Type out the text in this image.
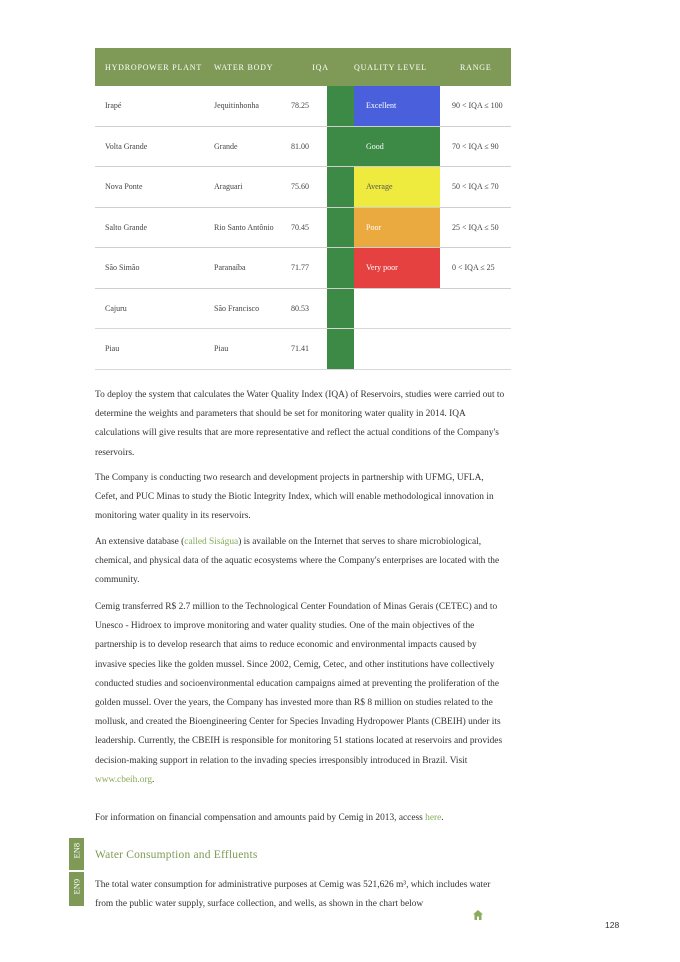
HYDROPOWER PLANT	WATER BODY	IQA	QUALITY LEVEL	RANGE
Irapé	Jequitinhonha	78.25	Excellent	90 < IQA ≤ 100
Volta Grande	Grande	81.00	Good	70 < IQA ≤ 90
Nova Ponte	Araguari	75.60	Average	50 < IQA ≤ 70
Salto Grande	Rio Santo Antônio	70.45	Poor	25 < IQA ≤ 50
São Simão	Paranaíba	71.77	Very poor	0 < IQA ≤ 25
Cajuru	São Francisco	80.53
Piau	Piau	71.41

To deploy the system that calculates the Water Quality Index (IQA) of Reservoirs, studies were carried out to determine the weights and parameters that should be set for monitoring water quality in 2014. IQA calculations will give results that are more representative and reflect the actual conditions of the Company's reservoirs.

The Company is conducting two research and development projects in partnership with UFMG, UFLA, Cefet, and PUC Minas to study the Biotic Integrity Index, which will enable methodological innovation in monitoring water quality in its reservoirs.

An extensive database (called Siságua) is available on the Internet that serves to share microbiological, chemical, and physical data of the aquatic ecosystems where the Company's enterprises are located with the community.

Cemig transferred R$ 2.7 million to the Technological Center Foundation of Minas Gerais (CETEC) and to Unesco - Hidroex to improve monitoring and water quality studies. One of the main objectives of the partnership is to develop research that aims to reduce economic and environmental impacts caused by invasive species like the golden mussel. Since 2002, Cemig, Cetec, and other institutions have collectively conducted studies and socioenvironmental education campaigns aimed at preventing the proliferation of the golden mussel. Over the years, the Company has invested more than R$ 8 million on studies related to the mollusk, and created the Bioengineering Center for Species Invading Hydropower Plants (CBEIH) under its leadership. Currently, the CBEIH is responsible for monitoring 51 stations located at reservoirs and provides decision-making support in relation to the invading species irresponsibly introduced in Brazil. Visit www.cbeih.org.

For information on financial compensation and amounts paid by Cemig in 2013, access here.

EN8
EN9
Water Consumption and Effluents

The total water consumption for administrative purposes at Cemig was 521,626 m³, which includes water from the public water supply, surface collection, and wells, as shown in the chart below

128
